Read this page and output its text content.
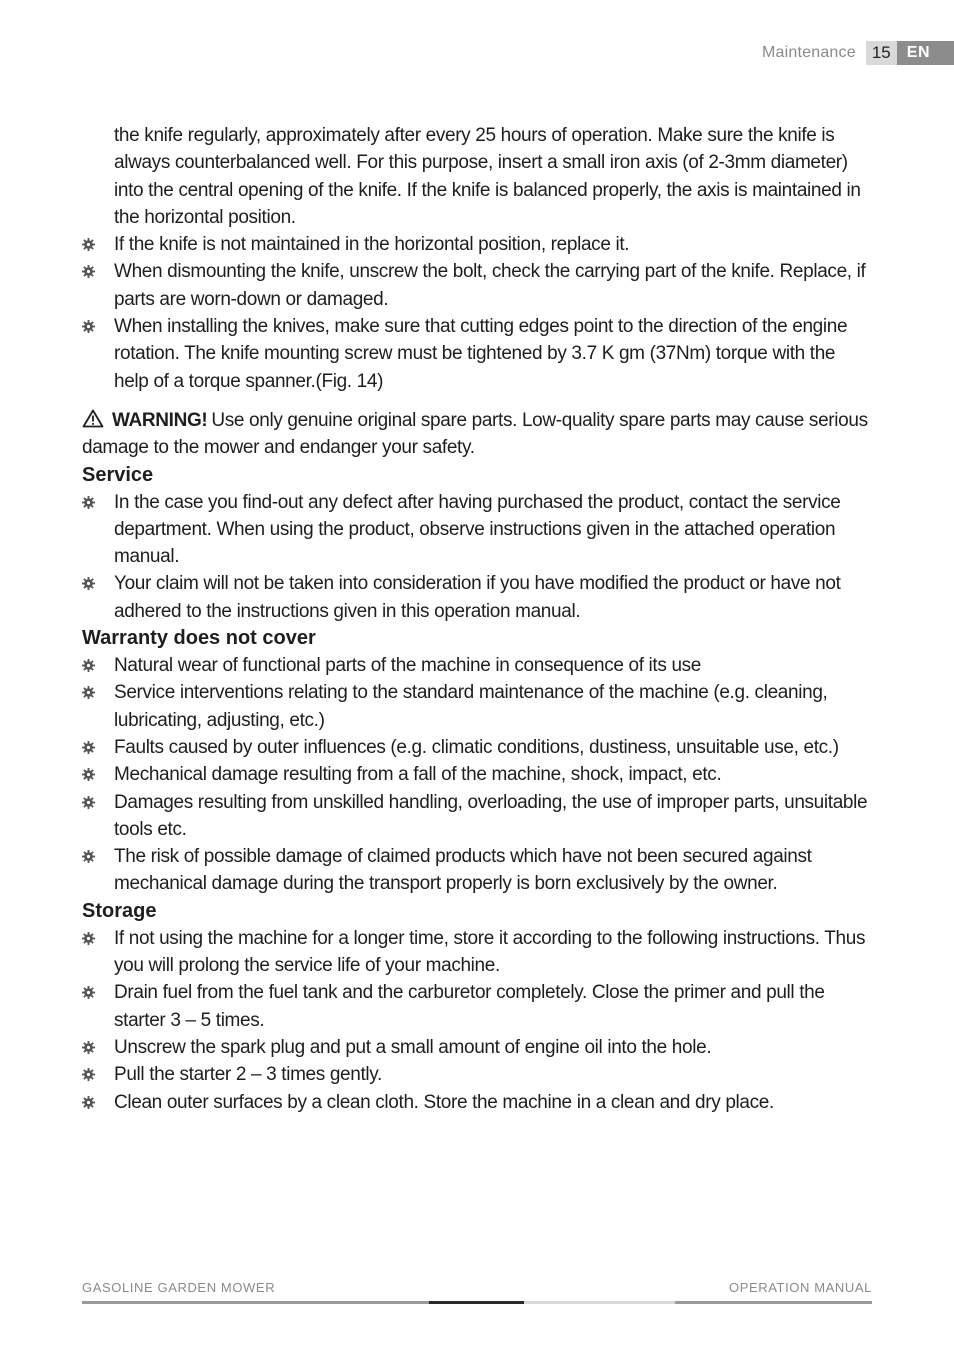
Maintenance 15	EN
the knife regularly, approximately after every 25 hours of operation. Make sure the knife is always counterbalanced well. For this purpose, insert a small iron axis (of 2-3mm diameter) into the central opening of the knife. If the knife is balanced properly, the axis is maintained in the horizontal position.
If the knife is not maintained in the horizontal position, replace it.
When dismounting the knife, unscrew the bolt, check the carrying part of the knife. Replace, if parts are worn-down or damaged.
When installing the knives, make sure that cutting edges point to the direction of the engine rotation. The knife mounting screw must be tightened by 3.7 K gm (37Nm) torque with the help of a torque spanner.(Fig. 14)
WARNING! Use only genuine original spare parts. Low-quality spare parts may cause serious damage to the mower and endanger your safety.
Service
In the case you find-out any defect after having purchased the product, contact the service department. When using the product, observe instructions given in the attached operation manual.
Your claim will not be taken into consideration if you have modified the product or have not adhered to the instructions given in this operation manual.
Warranty does not cover
Natural wear of functional parts of the machine in consequence of its use
Service interventions relating to the standard maintenance of the machine (e.g. cleaning, lubricating, adjusting, etc.)
Faults caused by outer influences (e.g. climatic conditions, dustiness, unsuitable use, etc.)
Mechanical damage resulting from a fall of the machine, shock, impact, etc.
Damages resulting from unskilled handling, overloading, the use of improper parts, unsuitable tools etc.
The risk of possible damage of claimed products which have not been secured against mechanical damage during the transport properly is born exclusively by the owner.
Storage
If not using the machine for a longer time, store it according to the following instructions. Thus you will prolong the service life of your machine.
Drain fuel from the fuel tank and the carburetor completely. Close the primer and pull the starter 3 – 5 times.
Unscrew the spark plug and put a small amount of engine oil into the hole.
Pull the starter 2 – 3 times gently.
Clean outer surfaces by a clean cloth. Store the machine in a clean and dry place.
GASOLINE GARDEN MOWER	OPERATION MANUAL
